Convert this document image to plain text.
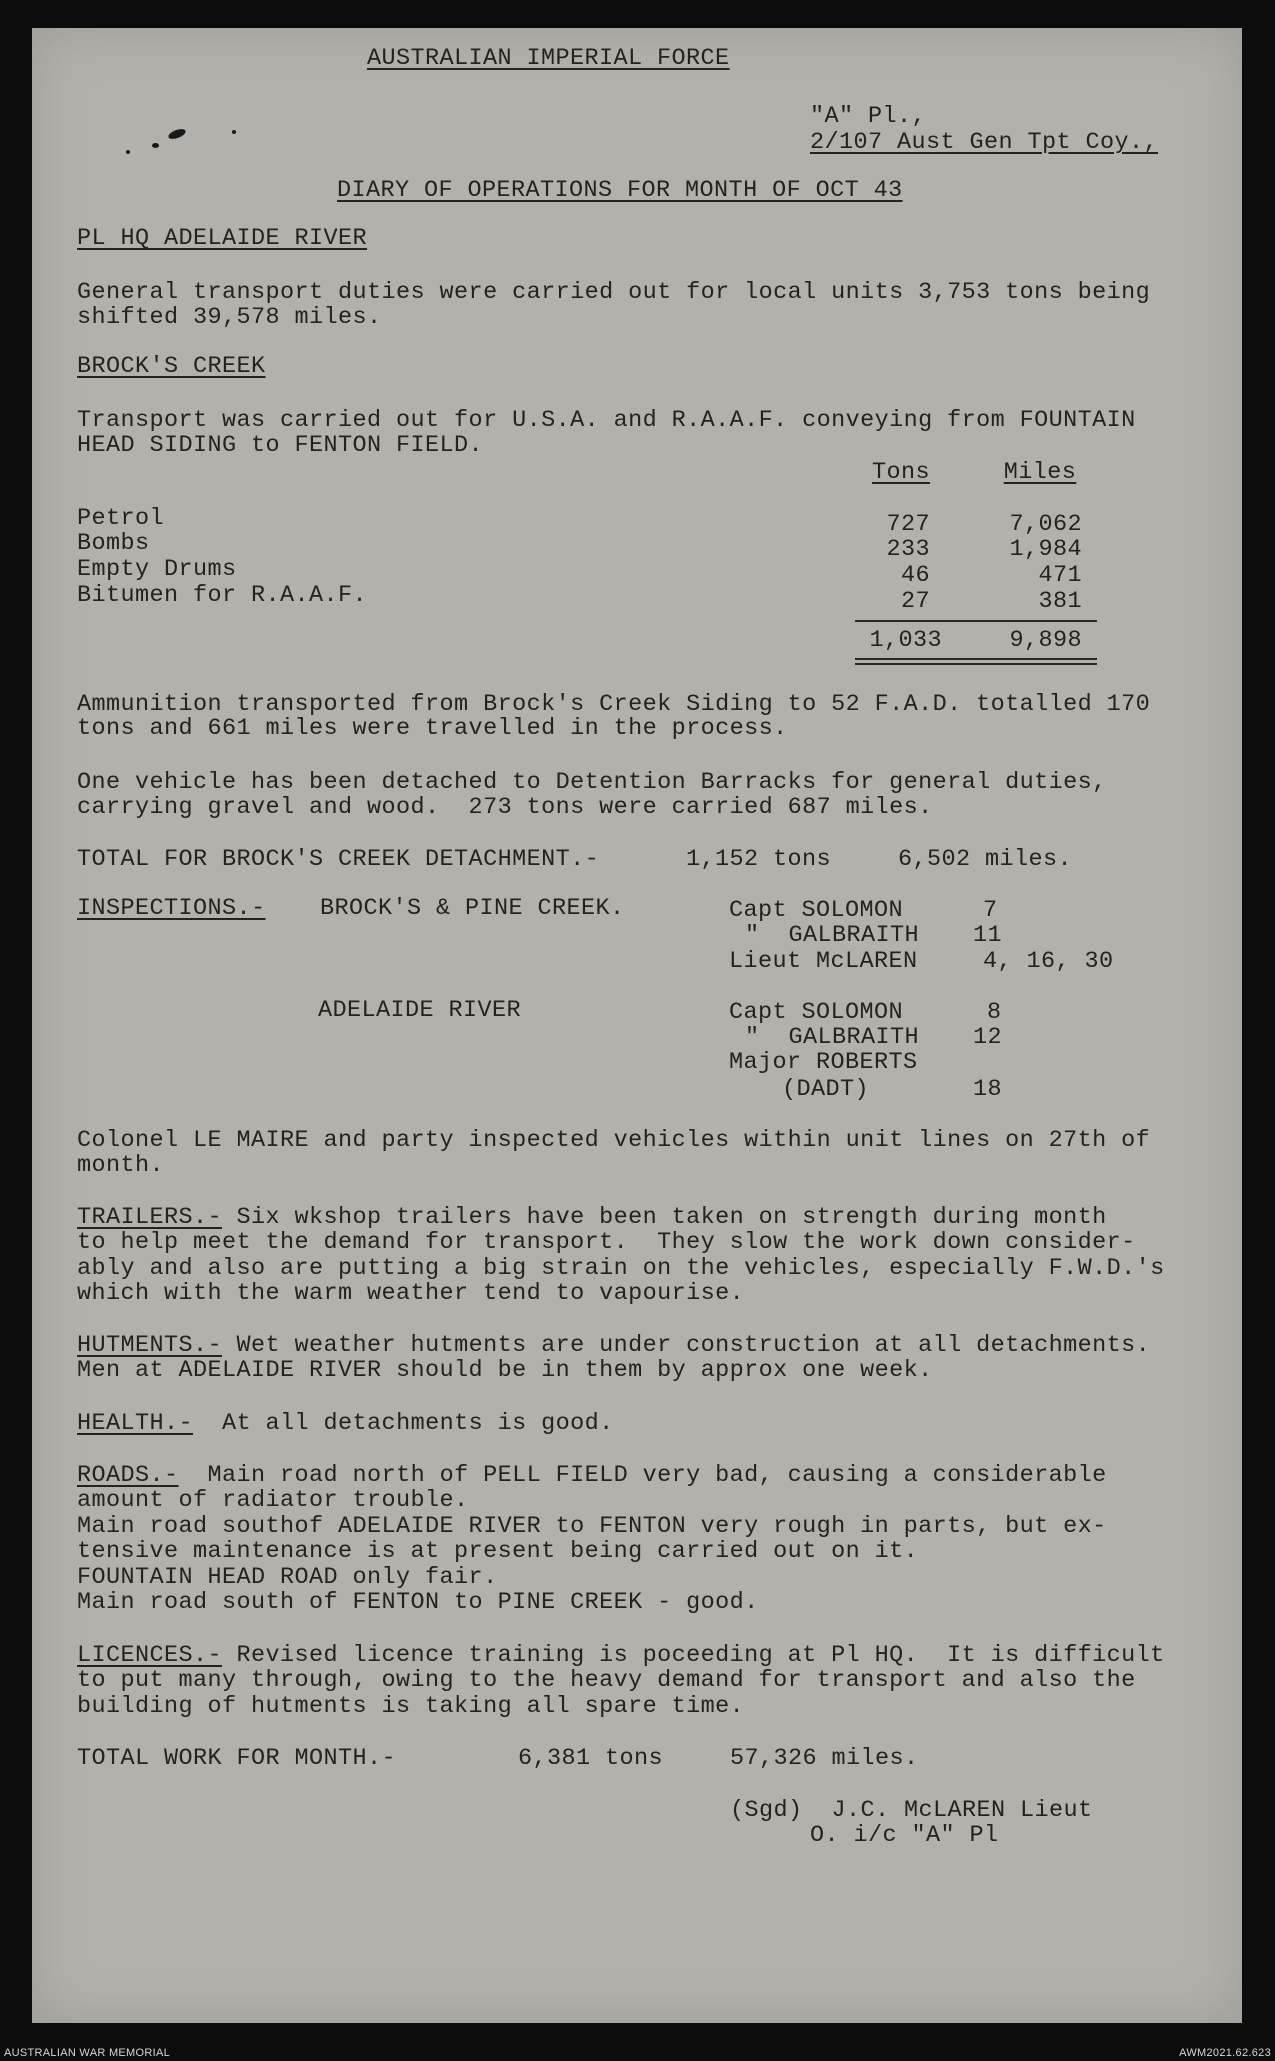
AUSTRALIAN IMPERIAL FORCE
"A" Pl.,
2/107 Aust Gen Tpt Coy.,
DIARY OF OPERATIONS FOR MONTH OF OCT 43
PL HQ ADELAIDE RIVER
General transport duties were carried out for local units 3,753 tons being
shifted 39,578 miles.
BROCK'S CREEK
Transport was carried out for U.S.A. and R.A.A.F. conveying from FOUNTAIN
HEAD SIDING to FENTON FIELD.
Tons	Miles
Petrol	727	7,062
Bombs	233	1,984
Empty Drums	46	471
Bitumen for R.A.A.F.	27	381
1,033	9,898
Ammunition transported from Brock's Creek Siding to 52 F.A.D. totalled 170
tons and 661 miles were travelled in the process.
One vehicle has been detached to Detention Barracks for general duties,
carrying gravel and wood.  273 tons were carried 687 miles.
TOTAL FOR BROCK'S CREEK DETACHMENT.-	1,152 tons	6,502 miles.
INSPECTIONS.- BROCK'S & PINE CREEK.	Capt SOLOMON	7
"  GALBRAITH 11
Lieut McLAREN	4, 16, 30
ADELAIDE RIVER	Capt SOLOMON	8
"  GALBRAITH 12
Major ROBERTS
(DADT)	18
Colonel LE MAIRE and party inspected vehicles within unit lines on 27th of
month.
TRAILERS.- Six wkshop trailers have been taken on strength during month
to help meet the demand for transport.  They slow the work down consider-
ably and also are putting a big strain on the vehicles, especially F.W.D.'s
which with the warm weather tend to vapourise.
HUTMENTS.- Wet weather hutments are under construction at all detachments.
Men at ADELAIDE RIVER should be in them by approx one week.
HEALTH.-  At all detachments is good.
ROADS.-  Main road north of PELL FIELD very bad, causing a considerable
amount of radiator trouble.
Main road southof ADELAIDE RIVER to FENTON very rough in parts, but ex-
tensive maintenance is at present being carried out on it.
FOUNTAIN HEAD ROAD only fair.
Main road south of FENTON to PINE CREEK - good.
LICENCES.- Revised licence training is poceeding at Pl HQ.  It is difficult
to put many through, owing to the heavy demand for transport and also the
building of hutments is taking all spare time.
TOTAL WORK FOR MONTH.-	6,381 tons	57,326 miles.
(Sgd)  J.C. McLAREN Lieut
O. i/c "A" Pl
AUSTRALIAN WAR MEMORIAL	AWM2021.62.623
